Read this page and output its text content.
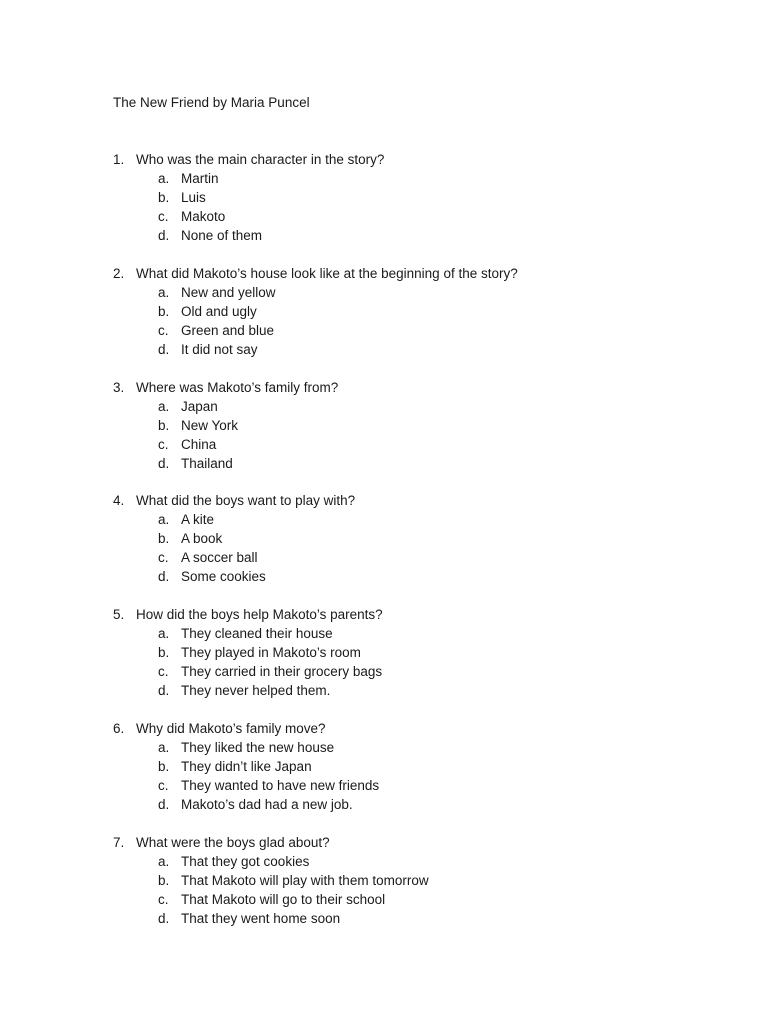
The New Friend by Maria Puncel
1. Who was the main character in the story?
a. Martin
b. Luis
c. Makoto
d. None of them
2. What did Makoto’s house look like at the beginning of the story?
a. New and yellow
b. Old and ugly
c. Green and blue
d. It did not say
3. Where was Makoto’s family from?
a. Japan
b. New York
c. China
d. Thailand
4. What did the boys want to play with?
a. A kite
b. A book
c. A soccer ball
d. Some cookies
5. How did the boys help Makoto’s parents?
a. They cleaned their house
b. They played in Makoto’s room
c. They carried in their grocery bags
d. They never helped them.
6. Why did Makoto’s family move?
a. They liked the new house
b. They didn’t like Japan
c. They wanted to have new friends
d. Makoto’s dad had a new job.
7. What were the boys glad about?
a. That they got cookies
b. That Makoto will play with them tomorrow
c. That Makoto will go to their school
d. That they went home soon
